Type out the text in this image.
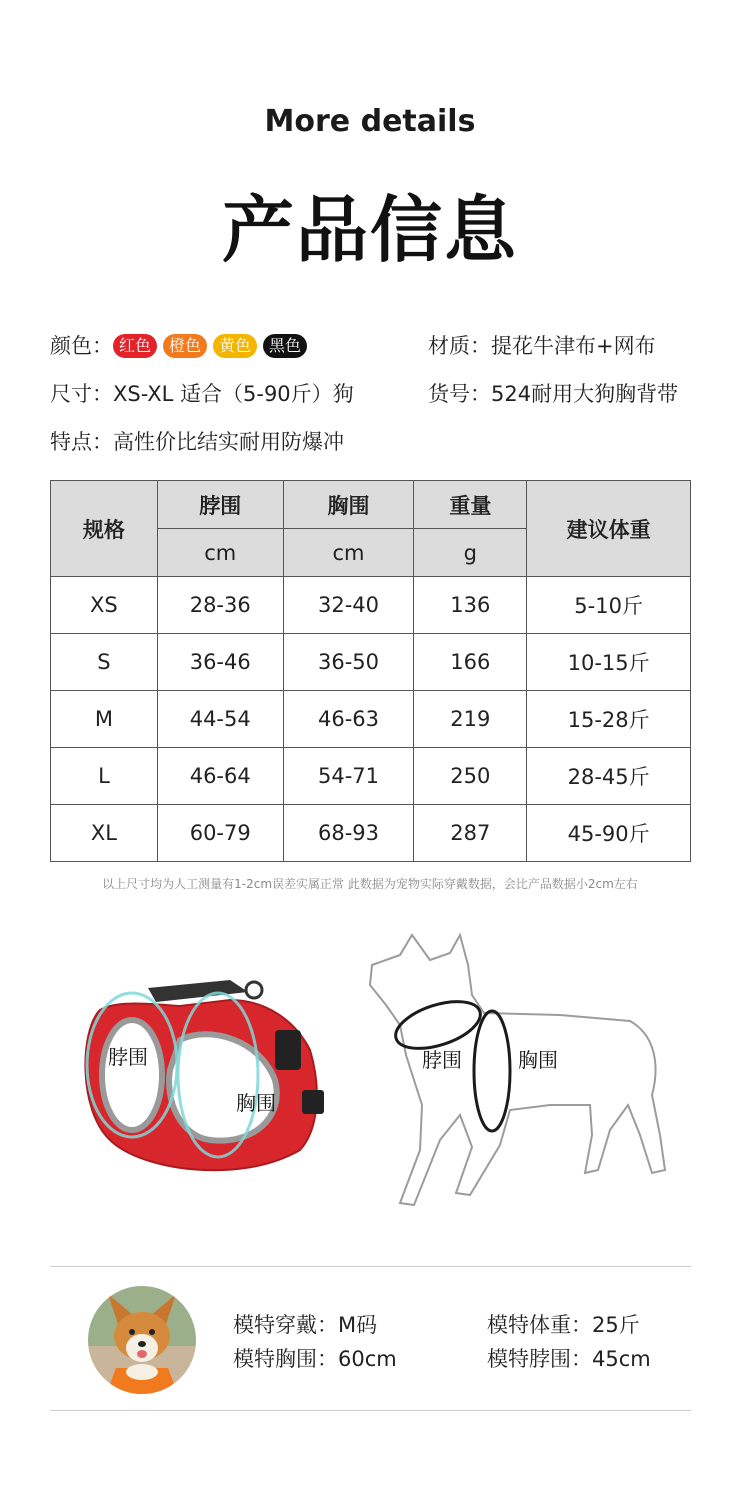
More details
产品信息
颜色： 红色 橙色 黄色 黑色	材质：提花牛津布+网布
尺寸：XS-XL 适合（5-90斤）狗	货号：524耐用大狗胸背带
特点：高性价比结实耐用防爆冲
规格	脖围	胸围	重量	建议体重
	cm	cm	g	
XS	28-36	32-40	136	5-10斤
S	36-46	36-50	166	10-15斤
M	44-54	46-63	219	15-28斤
L	46-64	54-71	250	28-45斤
XL	60-79	68-93	287	45-90斤
以上尺寸均为人工测量有1-2cm误差实属正常 此数据为宠物实际穿戴数据，会比产品数据小2cm左右
脖围
胸围
脖围	胸围
模特穿戴：M码	模特体重：25斤
模特胸围：60cm	模特脖围：45cm
